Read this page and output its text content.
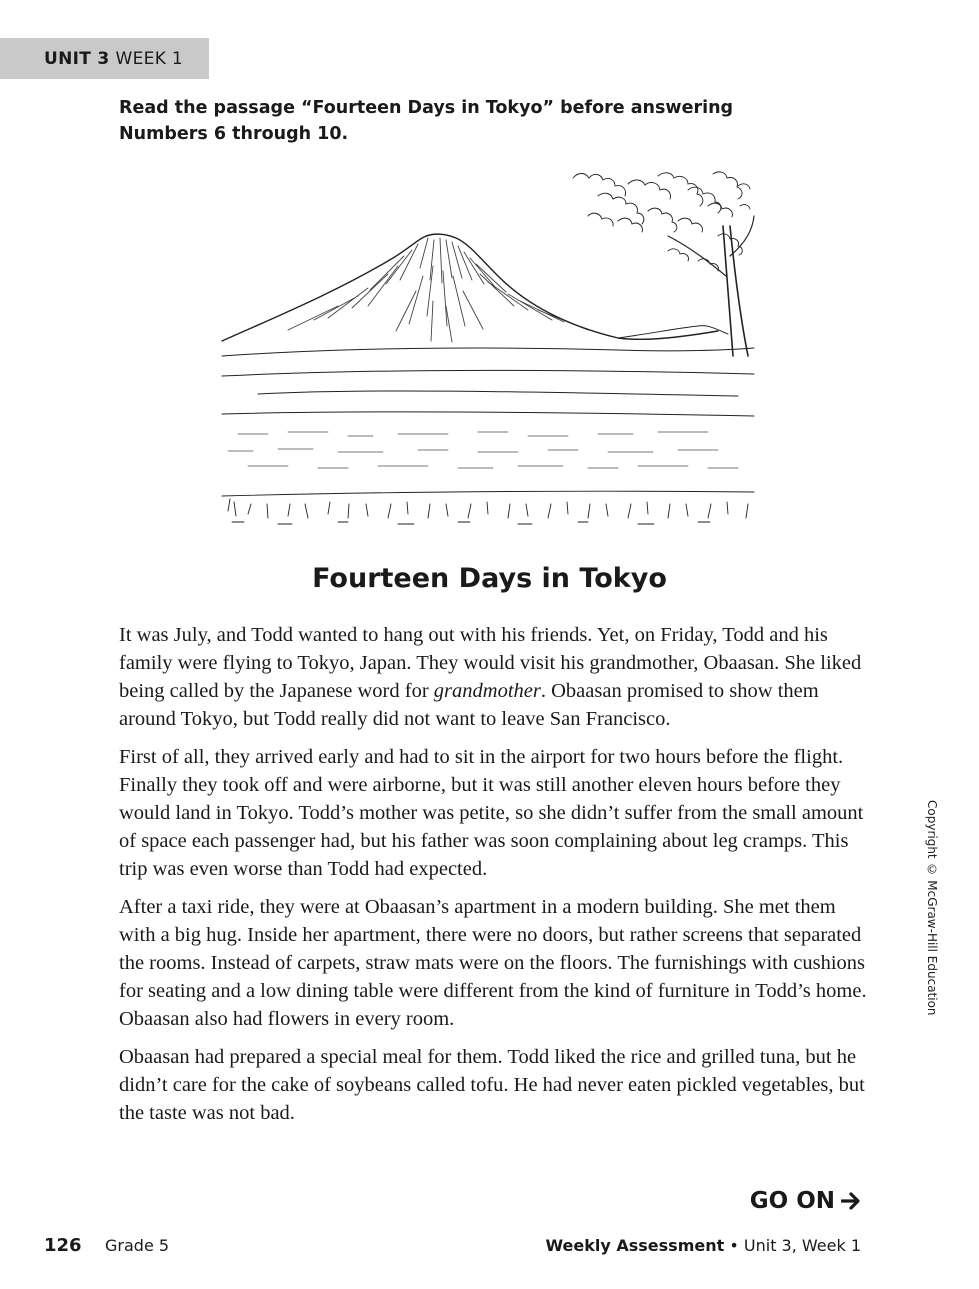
UNIT 3 WEEK 1
Read the passage “Fourteen Days in Tokyo” before answering
Numbers 6 through 10.
Fourteen Days in Tokyo

It was July, and Todd wanted to hang out with his friends. Yet, on Friday, Todd and his family were flying to Tokyo, Japan. They would visit his grandmother, Obaasan. She liked being called by the Japanese word for grandmother. Obaasan promised to show them around Tokyo, but Todd really did not want to leave San Francisco.

First of all, they arrived early and had to sit in the airport for two hours before the flight. Finally they took off and were airborne, but it was still another eleven hours before they would land in Tokyo. Todd’s mother was petite, so she didn’t suffer from the small amount of space each passenger had, but his father was soon complaining about leg cramps. This trip was even worse than Todd had expected.

After a taxi ride, they were at Obaasan’s apartment in a modern building. She met them with a big hug. Inside her apartment, there were no doors, but rather screens that separated the rooms. Instead of carpets, straw mats were on the floors. The furnishings with cushions for seating and a low dining table were different from the kind of furniture in Todd’s home. Obaasan also had flowers in every room.

Obaasan had prepared a special meal for them. Todd liked the rice and grilled tuna, but he didn’t care for the cake of soybeans called tofu. He had never eaten pickled vegetables, but the taste was not bad.

GO ON
Copyright © McGraw-Hill Education
126 Grade 5	Weekly Assessment • Unit 3, Week 1
